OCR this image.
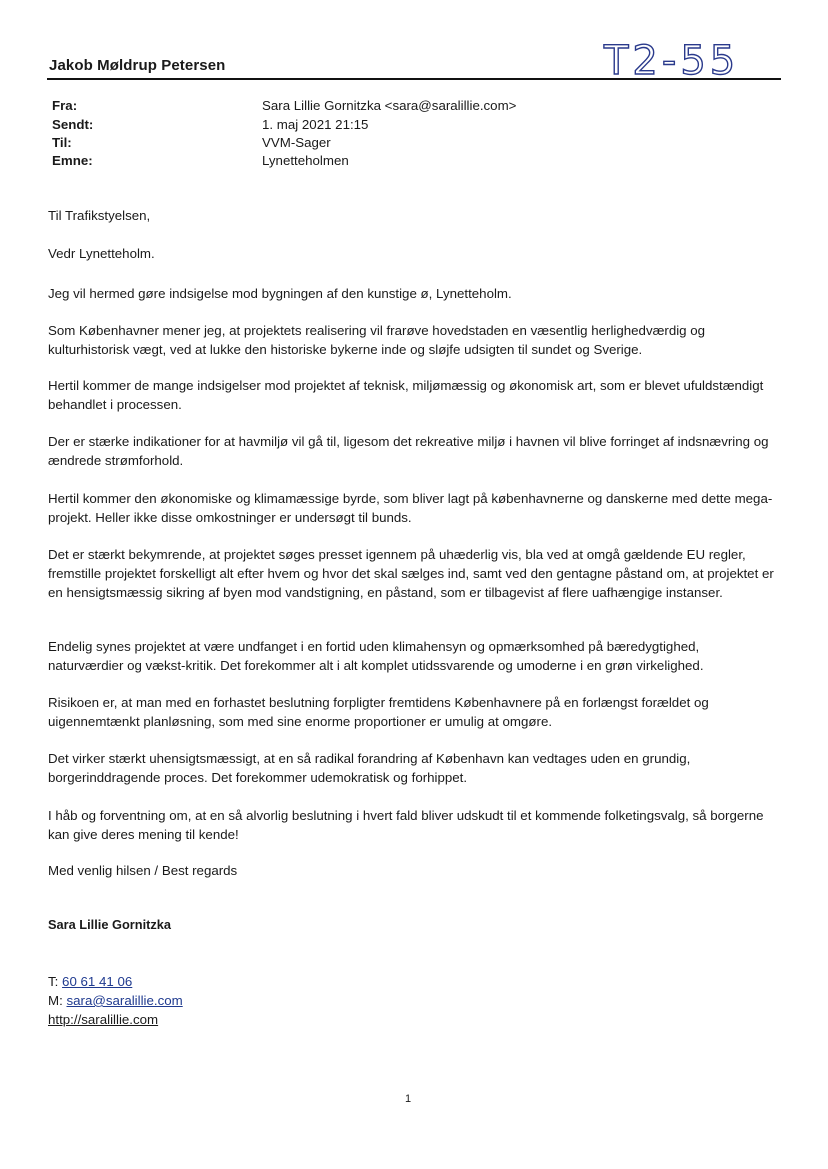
Jakob Møldrup Petersen	T2-55
Fra:	Sara Lillie Gornitzka <sara@saralillie.com>
Sendt:	1. maj 2021 21:15
Til:	VVM-Sager
Emne:	Lynetteholmen

Til Trafikstyelsen,

Vedr Lynetteholm.

Jeg vil hermed gøre indsigelse mod bygningen af den kunstige ø, Lynetteholm.

Som Københavner mener jeg, at projektets realisering vil frarøve hovedstaden en væsentlig herlighedværdig og kulturhistorisk vægt, ved at lukke den historiske bykerne inde og sløjfe udsigten til sundet og Sverige.

Hertil kommer de mange indsigelser mod projektet af teknisk, miljømæssig og økonomisk art, som er blevet ufuldstændigt behandlet i processen.

Der er stærke indikationer for at havmiljø vil gå til, ligesom det rekreative miljø i havnen vil blive forringet af indsnævring og ændrede strømforhold.

Hertil kommer den økonomiske og klimamæssige byrde, som bliver lagt på københavnerne og danskerne med dette mega-projekt. Heller ikke disse omkostninger er undersøgt til bunds.

Det er stærkt bekymrende, at projektet søges presset igennem på uhæderlig vis, bla ved at omgå gældende EU regler, fremstille projektet forskelligt alt efter hvem og hvor det skal sælges ind, samt ved den gentagne påstand om, at projektet er en hensigtsmæssig sikring af byen mod vandstigning, en påstand, som er tilbagevist af flere uafhængige instanser.

Endelig synes projektet at være undfanget i en fortid uden klimahensyn og opmærksomhed på bæredygtighed, naturværdier og vækst-kritik. Det forekommer alt i alt komplet utidssvarende og umoderne i en grøn virkelighed.

Risikoen er, at man med en forhastet beslutning forpligter fremtidens Københavnere på en forlængst forældet og uigennemtænkt planløsning, som med sine enorme proportioner er umulig at omgøre.

Det virker stærkt uhensigtsmæssigt, at en så radikal forandring af København kan vedtages uden en grundig, borgerinddragende proces. Det forekommer udemokratisk og forhippet.

I håb og forventning om, at en så alvorlig beslutning i hvert fald bliver udskudt til et kommende folketingsvalg, så borgerne kan give deres mening til kende!

Med venlig hilsen / Best regards

Sara Lillie Gornitzka
T: 60 61 41 06
M: sara@saralillie.com
http://saralillie.com
1
